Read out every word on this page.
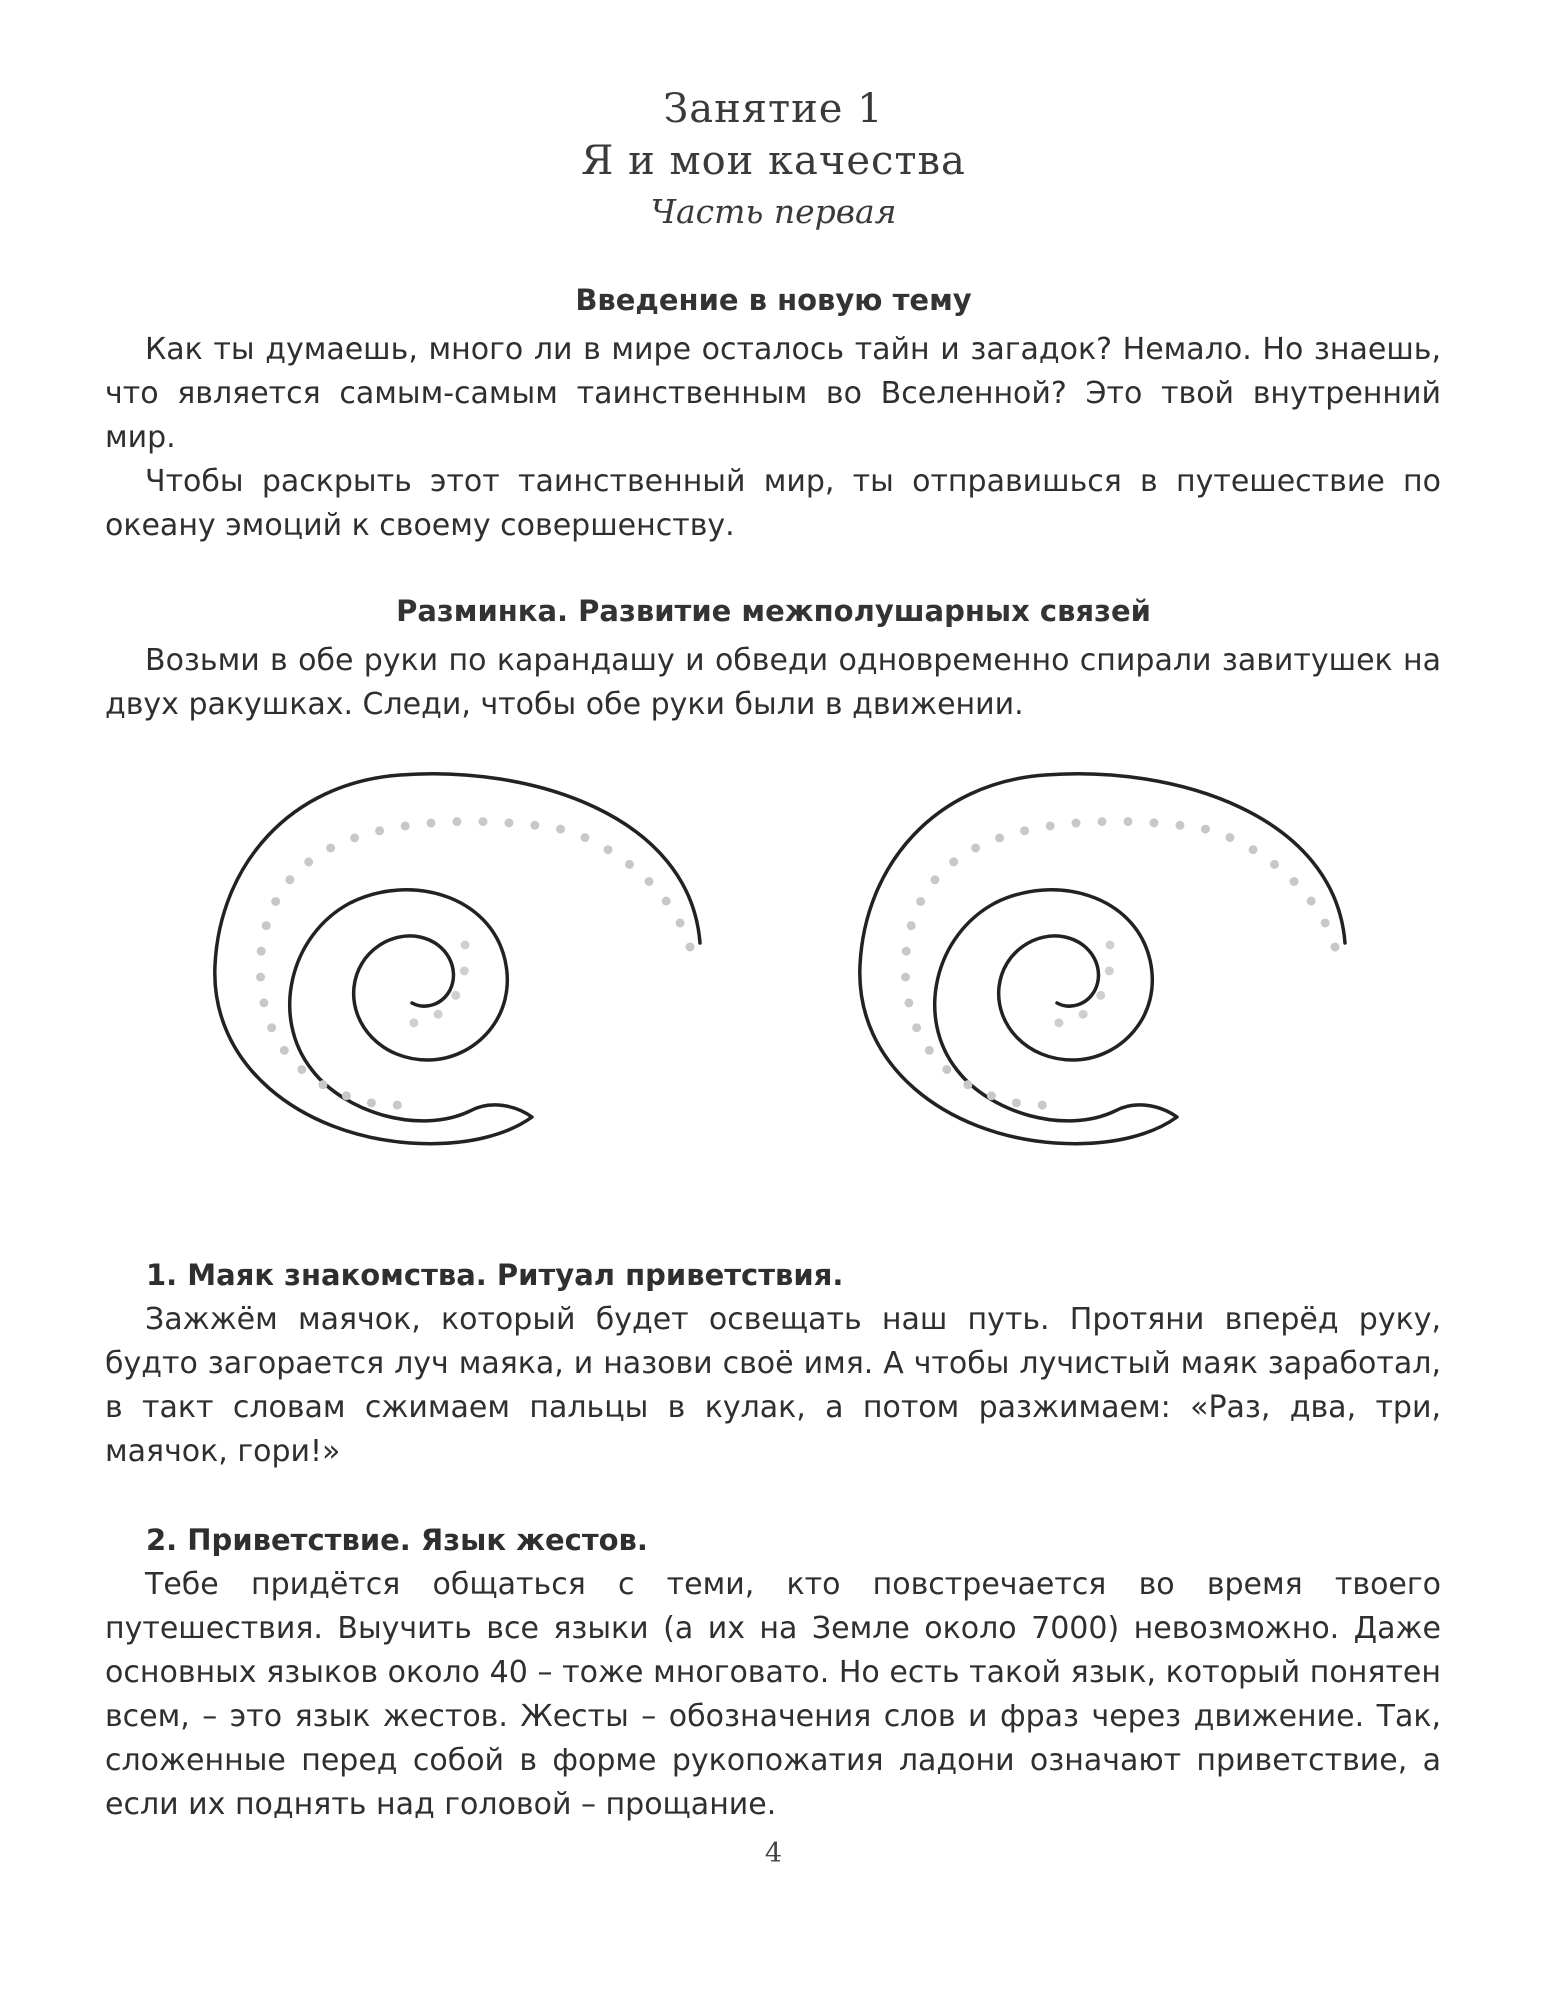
Занятие 1
Я и мои качества
Часть первая
Введение в новую тему

Как ты думаешь, много ли в мире осталось тайн и загадок? Немало. Но знаешь, что является самым-самым таинственным во Вселенной? Это твой внутренний мир.

Чтобы раскрыть этот таинственный мир, ты отправишься в путешествие по океану эмоций к своему совершенству.

Разминка. Развитие межполушарных связей

Возьми в обе руки по карандашу и обведи одновременно спирали завитушек на двух ракушках. Следи, чтобы обе руки были в движении.

1. Маяк знакомства. Ритуал приветствия.

Зажжём маячок, который будет освещать наш путь. Протяни вперёд руку, будто загорается луч маяка, и назови своё имя. А чтобы лучистый маяк заработал, в такт словам сжимаем пальцы в кулак, а потом разжимаем: «Раз, два, три, маячок, гори!»

2. Приветствие. Язык жестов.

Тебе придётся общаться с теми, кто повстречается во время твоего путешествия. Выучить все языки (а их на Земле около 7000) невозможно. Даже основных языков около 40 – тоже многовато. Но есть такой язык, который понятен всем, – это язык жестов. Жесты – обозначения слов и фраз через движение. Так, сложенные перед собой в форме рукопожатия ладони означают приветствие, а если их поднять над головой – прощание.

4
